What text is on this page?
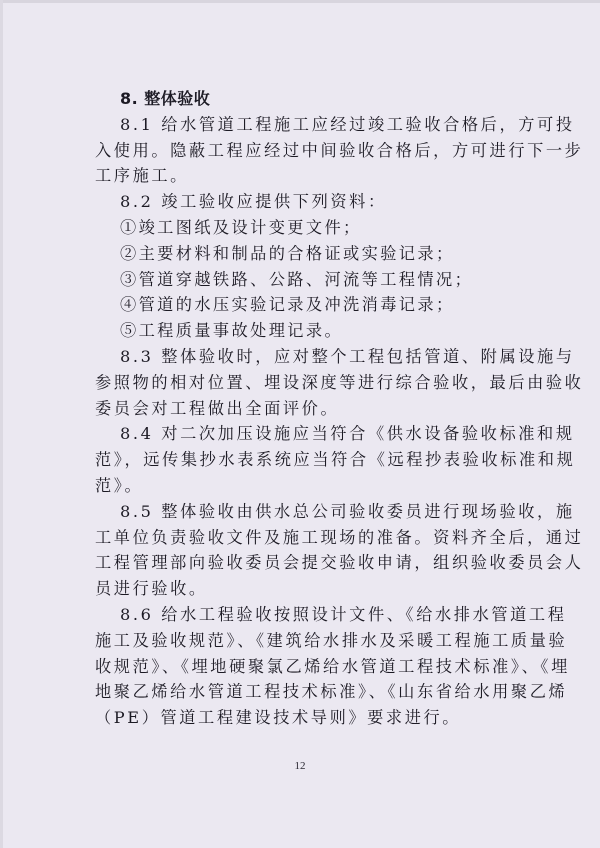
8. 整体验收
8.1 给水管道工程施工应经过竣工验收合格后，方可投
入使用。隐蔽工程应经过中间验收合格后，方可进行下一步
工序施工。
8.2 竣工验收应提供下列资料：
①竣工图纸及设计变更文件；
②主要材料和制品的合格证或实验记录；
③管道穿越铁路、公路、河流等工程情况；
④管道的水压实验记录及冲洗消毒记录；
⑤工程质量事故处理记录。
8.3 整体验收时，应对整个工程包括管道、附属设施与
参照物的相对位置、埋设深度等进行综合验收，最后由验收
委员会对工程做出全面评价。
8.4 对二次加压设施应当符合《供水设备验收标准和规
范》，远传集抄水表系统应当符合《远程抄表验收标准和规
范》。
8.5 整体验收由供水总公司验收委员进行现场验收，施
工单位负责验收文件及施工现场的准备。资料齐全后，通过
工程管理部向验收委员会提交验收申请，组织验收委员会人
员进行验收。
8.6 给水工程验收按照设计文件、《给水排水管道工程
施工及验收规范》、《建筑给水排水及采暖工程施工质量验
收规范》、《埋地硬聚氯乙烯给水管道工程技术标准》、《埋
地聚乙烯给水管道工程技术标准》、《山东省给水用聚乙烯
（PE）管道工程建设技术导则》要求进行。
12
